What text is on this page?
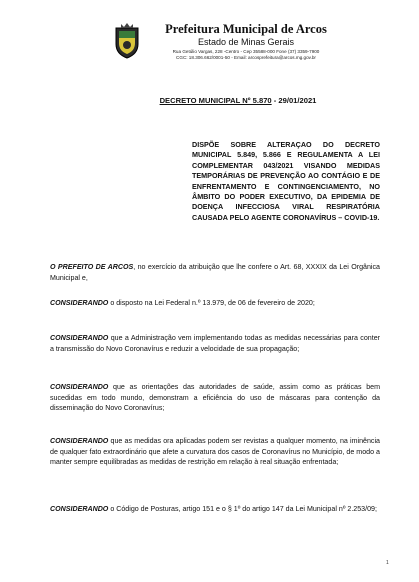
Prefeitura Municipal de Arcos
Estado de Minas Gerais
Rua Getúlio Vargas, 228 -Centro - Cep 35588-000 Fone (37) 3359-7900
CGC: 18.306.662/0001-50 - Email: arcosprefeitura@arcos.mg.gov.br
DECRETO MUNICIPAL Nº 5.870 - 29/01/2021
DISPÕE SOBRE ALTERAÇAO DO DECRETO MUNICIPAL 5.849, 5.866 E REGULAMENTA A LEI COMPLEMENTAR 043/2021 VISANDO MEDIDAS TEMPORÁRIAS DE PREVENÇÃO AO CONTÁGIO E DE ENFRENTAMENTO E CONTINGENCIAMENTO, NO ÂMBITO DO PODER EXECUTIVO, DA EPIDEMIA DE DOENÇA INFECCIOSA VIRAL RESPIRATÓRIA CAUSADA PELO AGENTE CORONAVÍRUS – COVID-19.
O PREFEITO DE ARCOS, no exercício da atribuição que lhe confere o Art. 68, XXXIX da Lei Orgânica Municipal e,
CONSIDERANDO o disposto na Lei Federal n.º 13.979, de 06 de fevereiro de 2020;
CONSIDERANDO que a Administração vem implementando todas as medidas necessárias para conter a transmissão do Novo Coronavírus e reduzir a velocidade de sua propagação;
CONSIDERANDO que as orientações das autoridades de saúde, assim como as práticas bem sucedidas em todo mundo, demonstram a eficiência do uso de máscaras para contenção da disseminação do Novo Coronavírus;
CONSIDERANDO que as medidas ora aplicadas podem ser revistas a qualquer momento, na iminência de qualquer fato extraordinário que afete a curvatura dos casos de Coronavírus no Município, de modo a manter sempre equilibradas as medidas de restrição em relação à real situação enfrentada;
CONSIDERANDO o Código de Posturas, artigo 151 e o § 1º do artigo 147 da Lei Municipal nº 2.253/09;
1
